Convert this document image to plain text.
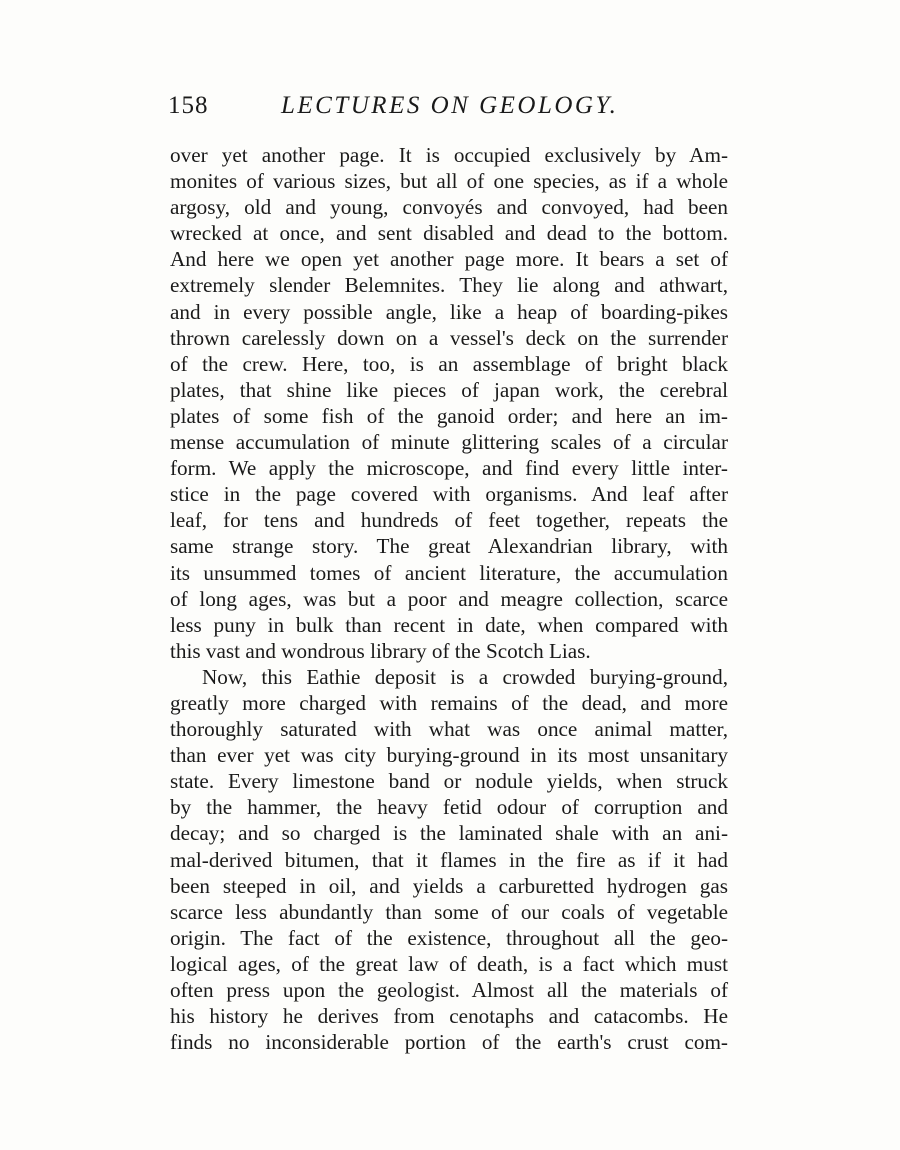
158	LECTURES ON GEOLOGY.
over yet another page. It is occupied exclusively by Am-
monites of various sizes, but all of one species, as if a whole
argosy, old and young, convoyés and convoyed, had been
wrecked at once, and sent disabled and dead to the bottom.
And here we open yet another page more. It bears a set of
extremely slender Belemnites. They lie along and athwart,
and in every possible angle, like a heap of boarding-pikes
thrown carelessly down on a vessel's deck on the surrender
of the crew. Here, too, is an assemblage of bright black
plates, that shine like pieces of japan work, the cerebral
plates of some fish of the ganoid order; and here an im-
mense accumulation of minute glittering scales of a circular
form. We apply the microscope, and find every little inter-
stice in the page covered with organisms. And leaf after
leaf, for tens and hundreds of feet together, repeats the
same strange story. The great Alexandrian library, with
its unsummed tomes of ancient literature, the accumulation
of long ages, was but a poor and meagre collection, scarce
less puny in bulk than recent in date, when compared with
this vast and wondrous library of the Scotch Lias.
Now, this Eathie deposit is a crowded burying-ground,
greatly more charged with remains of the dead, and more
thoroughly saturated with what was once animal matter,
than ever yet was city burying-ground in its most unsanitary
state. Every limestone band or nodule yields, when struck
by the hammer, the heavy fetid odour of corruption and
decay; and so charged is the laminated shale with an ani-
mal-derived bitumen, that it flames in the fire as if it had
been steeped in oil, and yields a carburetted hydrogen gas
scarce less abundantly than some of our coals of vegetable
origin. The fact of the existence, throughout all the geo-
logical ages, of the great law of death, is a fact which must
often press upon the geologist. Almost all the materials of
his history he derives from cenotaphs and catacombs. He
finds no inconsiderable portion of the earth's crust com-
